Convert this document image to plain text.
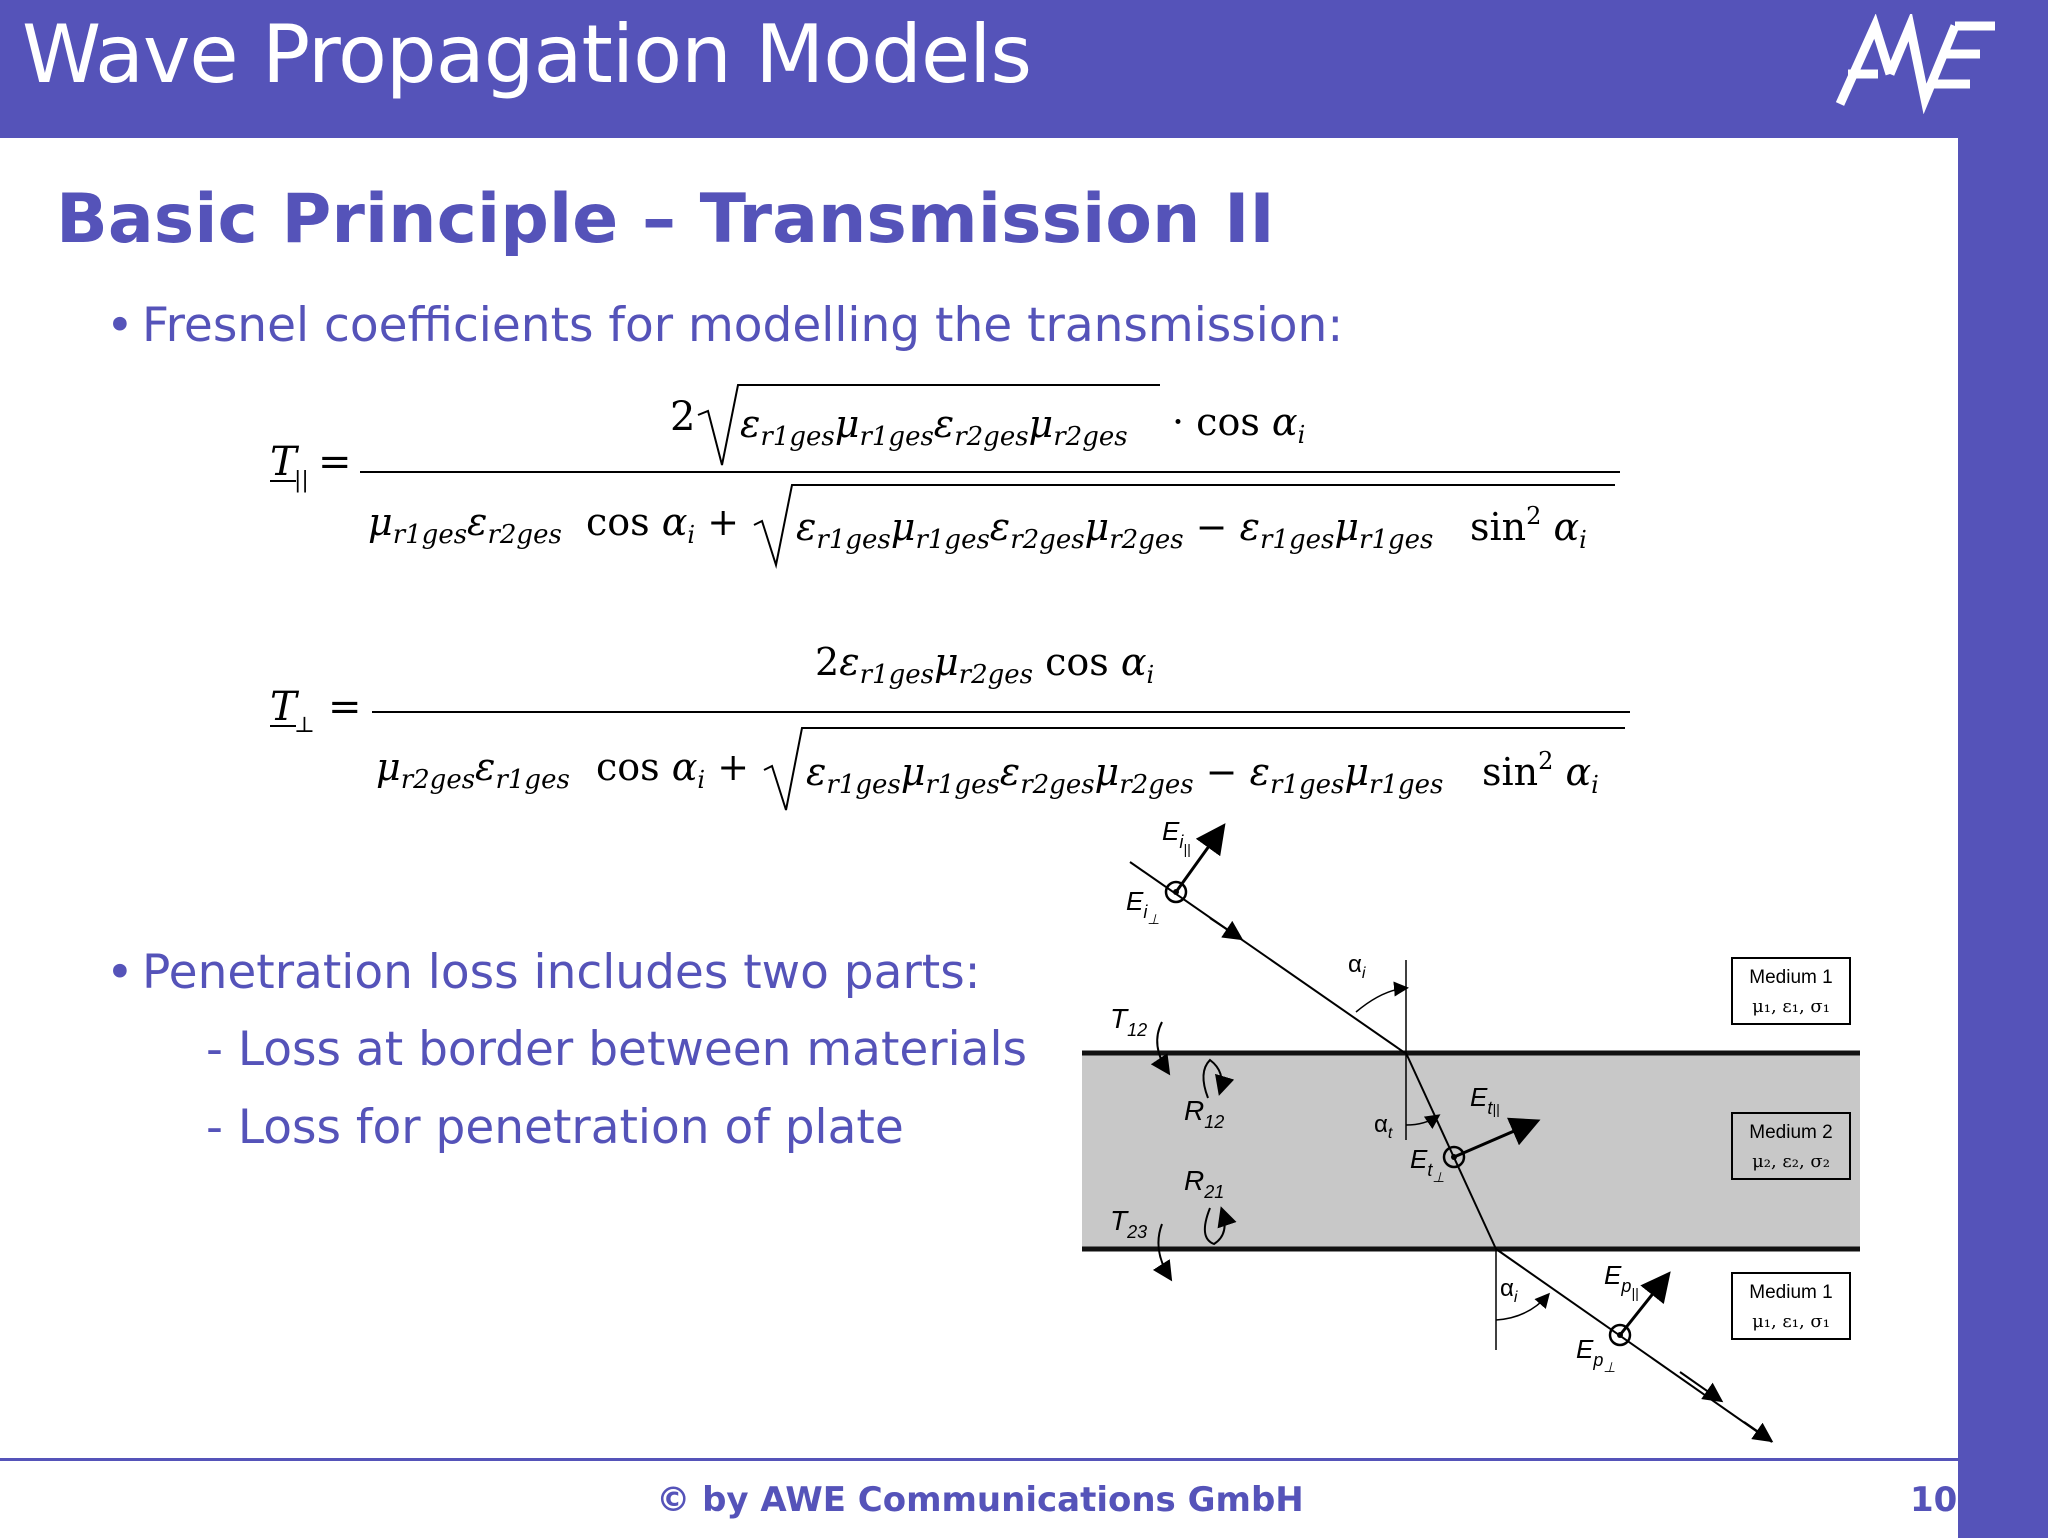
Wave Propagation Models
Basic Principle – Transmission II
• Fresnel coefficients for modelling the transmission:
T
|| =
2 $\varepsilon_{r1ges}\mu_{r1ges}\varepsilon_{r2ges}\mu_{r2ges} \cdot \cos \alpha_i$
$\mu_{r1ges}\varepsilon_{r2ges}$ $\cos \alpha_i + \varepsilon_{r1ges}\mu_{r1ges}\varepsilon_{r2ges}\mu_{r2ges} - \varepsilon_{r1ges}\mu_{r1ges}$ $\sin^2 \alpha_i$
T
⊥ =
$2\varepsilon_{r1ges}\mu_{r2ges}$ $\cos \alpha_i$
$\mu_{r2ges}\varepsilon_{r1ges}$ $\cos \alpha_i + \varepsilon_{r1ges}\mu_{r1ges}\varepsilon_{r2ges}\mu_{r2ges} - \varepsilon_{r1ges}\mu_{r1ges}$ $\sin^2 \alpha_i$
• Penetration loss includes two parts:
- Loss at border between materials
- Loss for penetration of plate
$E_{i||}$
$E_{i\perp}$
$\alpha_i$
$\alpha_t$
$E_t||$
$E_{t\perp}$
$\alpha_i$
$E_{p||}$
$E_{p\perp}$
$T_{12}$
$R_{12}$
$R_{21}$
$T_{23}$
Medium 1
μ₁, ε₁, σ₁
Medium 2
μ₂, ε₂, σ₂
Medium 1
μ₁, ε₁, σ₁
© by AWE Communications GmbH	10
